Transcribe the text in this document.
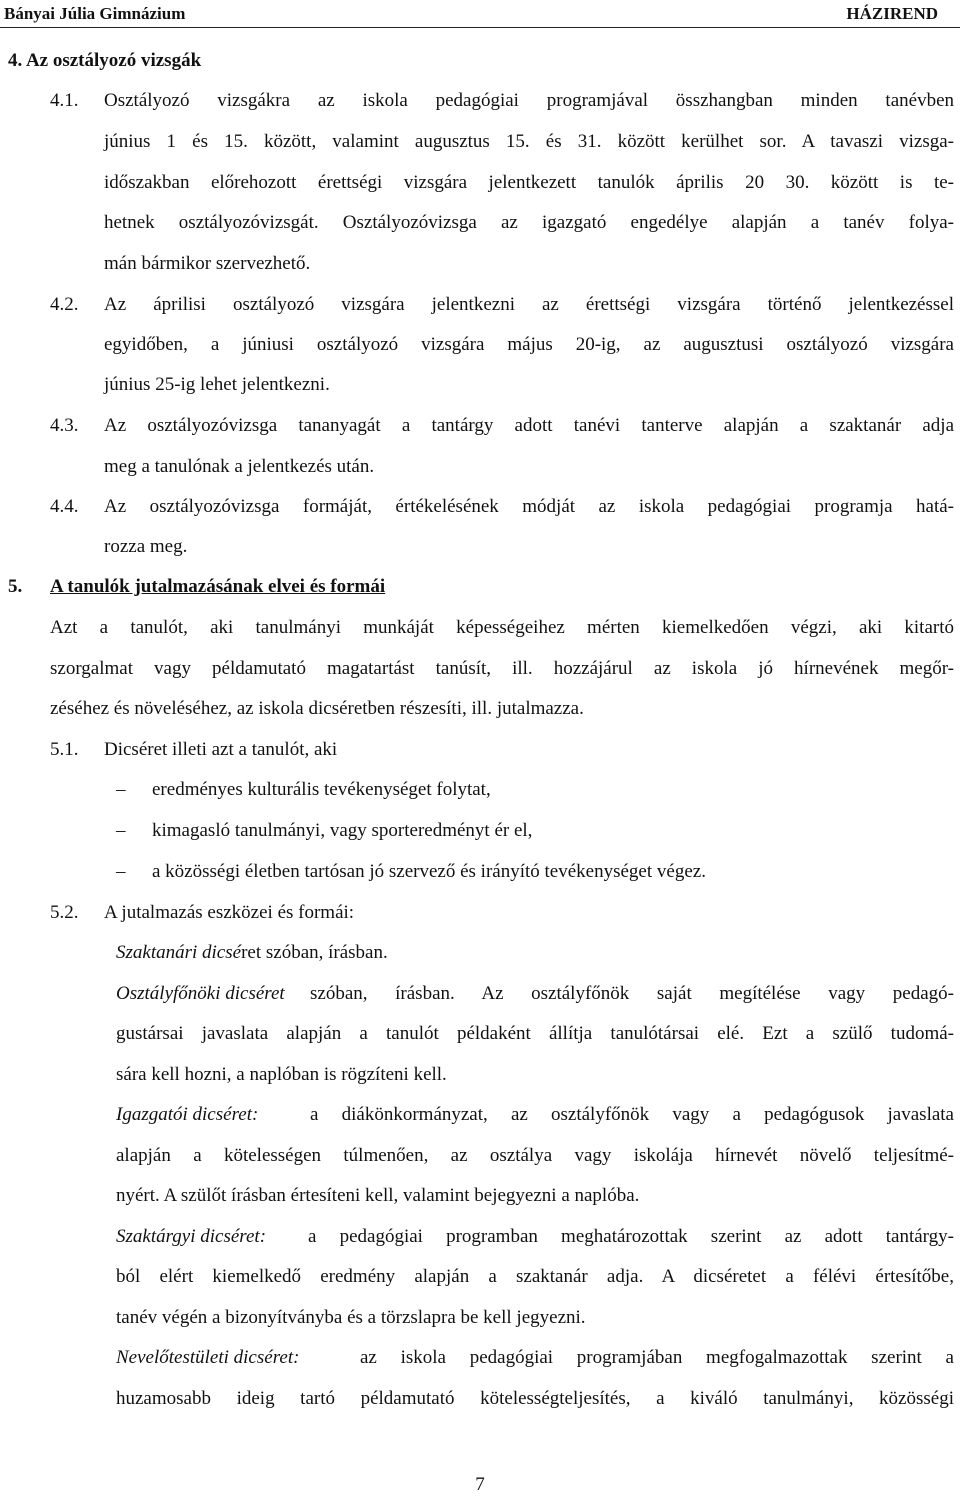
Bányai Júlia Gimnázium	HÁZIREND
4. Az osztályozó vizsgák
4.1. Osztályozó vizsgákra az iskola pedagógiai programjával összhangban minden tanévben
június 1 és 15. között, valamint augusztus 15. és 31. között kerülhet sor. A tavaszi vizsga-
időszakban előrehozott érettségi vizsgára jelentkezett tanulók április 20 30. között is te-
hetnek osztályozóvizsgát. Osztályozóvizsga az igazgató engedélye alapján a tanév folya-
mán bármikor szervezhető.
4.2. Az áprilisi osztályozó vizsgára jelentkezni az érettségi vizsgára történő jelentkezéssel
egyidőben, a júniusi osztályozó vizsgára május 20-ig, az augusztusi osztályozó vizsgára
június 25-ig lehet jelentkezni.
4.3. Az osztályozóvizsga tananyagát a tantárgy adott tanévi tanterve alapján a szaktanár adja
meg a tanulónak a jelentkezés után.
4.4. Az osztályozóvizsga formáját, értékelésének módját az iskola pedagógiai programja hatá-
rozza meg.
5. A tanulók jutalmazásának elvei és formái
Azt a tanulót, aki tanulmányi munkáját képességeihez mérten kiemelkedően végzi, aki kitartó
szorgalmat vagy példamutató magatartást tanúsít, ill. hozzájárul az iskola jó hírnevének megőr-
zéséhez és növeléséhez, az iskola dicséretben részesíti, ill. jutalmazza.
5.1. Dicséret illeti azt a tanulót, aki
– eredményes kulturális tevékenységet folytat,
– kimagasló tanulmányi, vagy sporteredményt ér el,
– a közösségi életben tartósan jó szervező és irányító tevékenységet végez.
5.2. A jutalmazás eszközei és formái:
Szaktanári dicséret szóban, írásban.
Osztályfőnöki dicséret szóban, írásban. Az osztályfőnök saját megítélése vagy pedagó-
gustársai javaslata alapján a tanulót példaként állítja tanulótársai elé. Ezt a szülő tudomá-
sára kell hozni, a naplóban is rögzíteni kell.
Igazgatói dicséret:	a diákönkormányzat, az osztályfőnök vagy a pedagógusok javaslata
alapján a kötelességen túlmenően, az osztálya vagy iskolája hírnevét növelő teljesítmé-
nyért. A szülőt írásban értesíteni kell, valamint bejegyezni a naplóba.
Szaktárgyi dicséret: a pedagógiai programban meghatározottak szerint az adott tantárgy-
ból elért kiemelkedő eredmény alapján a szaktanár adja. A dicséretet a félévi értesítőbe,
tanév végén a bizonyítványba és a törzslapra be kell jegyezni.
Nevelőtestületi dicséret:	az iskola pedagógiai programjában megfogalmazottak szerint a
huzamosabb ideig tartó példamutató kötelességteljesítés, a kiváló tanulmányi, közösségi
7
